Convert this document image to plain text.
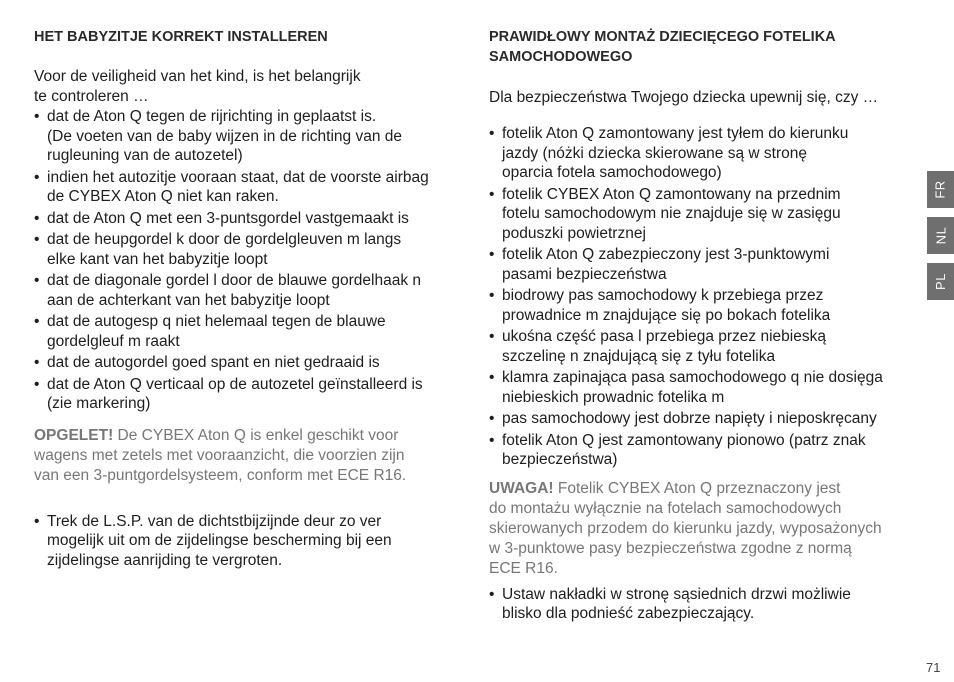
HET BABYZITJE KORREKT INSTALLEREN

Voor de veiligheid van het kind, is het belangrijk
te controleren …

• dat de Aton Q tegen de rijrichting in geplaatst is.
(De voeten van de baby wijzen in de richting van de
rugleuning van de autozetel)
• indien het autozitje vooraan staat, dat de voorste airbag
de CYBEX Aton Q niet kan raken.
• dat de Aton Q met een 3-puntsgordel vastgemaakt is
• dat de heupgordel k door de gordelgleuven m langs
elke kant van het babyzitje loopt
• dat de diagonale gordel l door de blauwe gordelhaak n
aan de achterkant van het babyzitje loopt
• dat de autogesp q niet helemaal tegen de blauwe
gordelgleuf m raakt
• dat de autogordel goed spant en niet gedraaid is
• dat de Aton Q verticaal op de autozetel geïnstalleerd is
(zie markering)

OPGELET! De CYBEX Aton Q is enkel geschikt voor
wagens met zetels met vooraanzicht, die voorzien zijn
van een 3-puntgordelsysteem, conform met ECE R16.

• Trek de L.S.P. van de dichtstbijzijnde deur zo ver
mogelijk uit om de zijdelingse bescherming bij een
zijdelingse aanrijding te vergroten.
PRAWIDŁOWY MONTAŻ DZIECIĘCEGO FOTELIKA
SAMOCHODOWEGO

Dla bezpieczeństwa Twojego dziecka upewnij się, czy …

• fotelik Aton Q zamontowany jest tyłem do kierunku
jazdy (nóżki dziecka skierowane są w stronę
oparcia fotela samochodowego)
• fotelik CYBEX Aton Q zamontowany na przednim
fotelu samochodowym nie znajduje się w zasięgu
poduszki powietrznej
• fotelik Aton Q zabezpieczony jest 3-punktowymi
pasami bezpieczeństwa
• biodrowy pas samochodowy k przebiega przez
prowadnice m znajdujące się po bokach fotelika
• ukośna część pasa l przebiega przez niebieską
szczelinę n znajdującą się z tyłu fotelika
• klamra zapinająca pasa samochodowego q nie dosięga
niebieskich prowadnic fotelika m
• pas samochodowy jest dobrze napięty i nieposkręcany
• fotelik Aton Q jest zamontowany pionowo (patrz znak
bezpieczeństwa)

UWAGA! Fotelik CYBEX Aton Q przeznaczony jest
do montażu wyłącznie na fotelach samochodowych
skierowanych przodem do kierunku jazdy, wyposażonych
w 3-punktowe pasy bezpieczeństwa zgodne z normą
ECE R16.

• Ustaw nakładki w stronę sąsiednich drzwi możliwie
blisko dla podnieść zabezpieczający.
FR
NL
PL
71
